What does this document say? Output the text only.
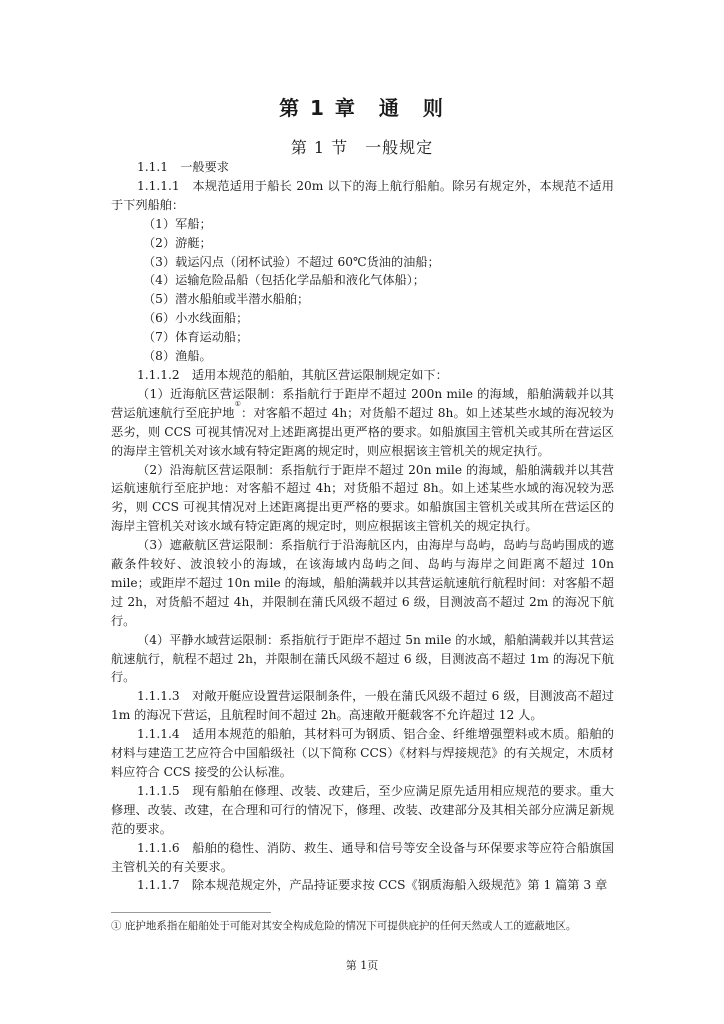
第 1 章　通　则
第 1 节　一般规定

1.1.1　一般要求

1.1.1.1　本规范适用于船长 20m 以下的海上航行船舶。除另有规定外，本规范不适用于下列船舶：

（1）军船；

（2）游艇；

（3）载运闪点（闭杯试验）不超过 60℃货油的油船；

（4）运输危险品船（包括化学品船和液化气体船）；

（5）潜水船舶或半潜水船舶；

（6）小水线面船；

（7）体育运动船；

（8）渔船。

1.1.1.2　适用本规范的船舶，其航区营运限制规定如下：

（1）近海航区营运限制：系指航行于距岸不超过 200n mile 的海域，船舶满载并以其营运航速航行至庇护地①：对客船不超过 4h；对货船不超过 8h。如上述某些水域的海况较为恶劣，则 CCS 可视其情况对上述距离提出更严格的要求。如船旗国主管机关或其所在营运区的海岸主管机关对该水域有特定距离的规定时，则应根据该主管机关的规定执行。

（2）沿海航区营运限制：系指航行于距岸不超过 20n mile 的海域，船舶满载并以其营运航速航行至庇护地：对客船不超过 4h；对货船不超过 8h。如上述某些水域的海况较为恶劣，则 CCS 可视其情况对上述距离提出更严格的要求。如船旗国主管机关或其所在营运区的海岸主管机关对该水域有特定距离的规定时，则应根据该主管机关的规定执行。

（3）遮蔽航区营运限制：系指航行于沿海航区内，由海岸与岛屿，岛屿与岛屿围成的遮蔽条件较好、波浪较小的海域，在该海域内岛屿之间、岛屿与海岸之间距离不超过 10n mile；或距岸不超过 10n mile 的海域，船舶满载并以其营运航速航行航程时间：对客船不超过 2h，对货船不超过 4h，并限制在蒲氏风级不超过 6 级，目测波高不超过 2m 的海况下航行。

（4）平静水域营运限制：系指航行于距岸不超过 5n mile 的水域，船舶满载并以其营运航速航行，航程不超过 2h，并限制在蒲氏风级不超过 6 级，目测波高不超过 1m 的海况下航行。

1.1.1.3　对敞开艇应设置营运限制条件，一般在蒲氏风级不超过 6 级，目测波高不超过 1m 的海况下营运，且航程时间不超过 2h。高速敞开艇载客不允许超过 12 人。

1.1.1.4　适用本规范的船舶，其材料可为钢质、铝合金、纤维增强塑料或木质。船舶的材料与建造工艺应符合中国船级社（以下简称 CCS）《材料与焊接规范》的有关规定，木质材料应符合 CCS 接受的公认标准。

1.1.1.5　现有船舶在修理、改装、改建后，至少应满足原先适用相应规范的要求。重大修理、改装、改建，在合理和可行的情况下，修理、改装、改建部分及其相关部分应满足新规范的要求。

1.1.1.6　船舶的稳性、消防、救生、通导和信号等安全设备与环保要求等应符合船旗国主管机关的有关要求。

1.1.1.7　除本规范规定外，产品持证要求按 CCS《钢质海船入级规范》第 1 篇第 3 章

① 庇护地系指在船舶处于可能对其安全构成危险的情况下可提供庇护的任何天然或人工的遮蔽地区。
第 1页
